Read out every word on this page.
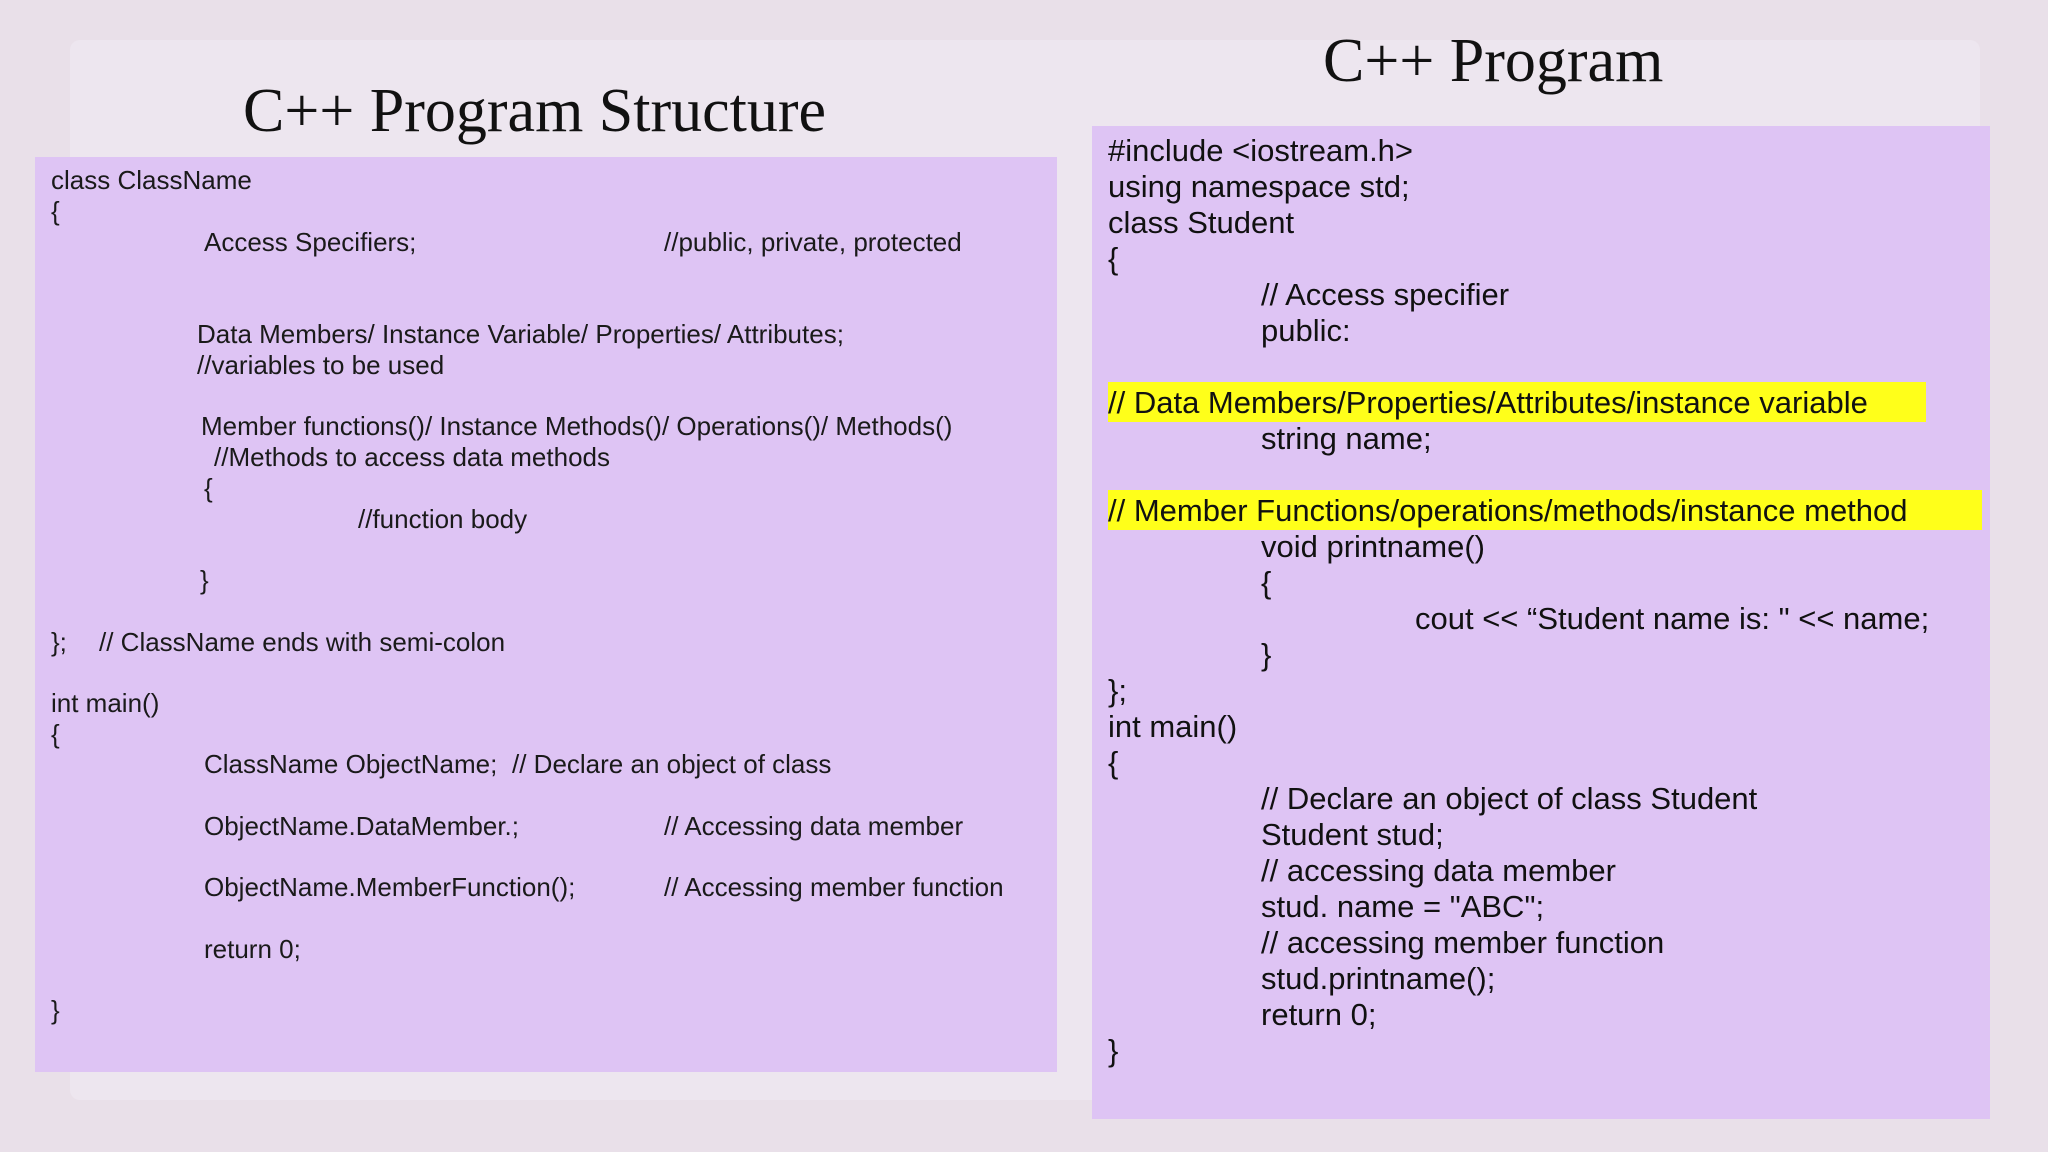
C++ Program Structure
C++ Program
class ClassName
{
Access Specifiers;	//public, private, protected
Data Members/ Instance Variable/ Properties/ Attributes;
//variables to be used
Member functions()/ Instance Methods()/ Operations()/ Methods()
//Methods to access data methods
{
//function body
}
}; // ClassName ends with semi-colon
int main()
{
ClassName ObjectName; // Declare an object of class
ObjectName.DataMember.;	// Accessing data member
ObjectName.MemberFunction();	// Accessing member function
return 0;
}
#include <iostream.h>
using namespace std;
class Student
{
// Access specifier
public:
// Data Members/Properties/Attributes/instance variable
string name;
// Member Functions/operations/methods/instance method
void printname()
{
cout << “Student name is: " << name;
}
};
int main()
{
// Declare an object of class Student
Student stud;
// accessing data member
stud. name = "ABC";
// accessing member function
stud.printname();
return 0;
}
